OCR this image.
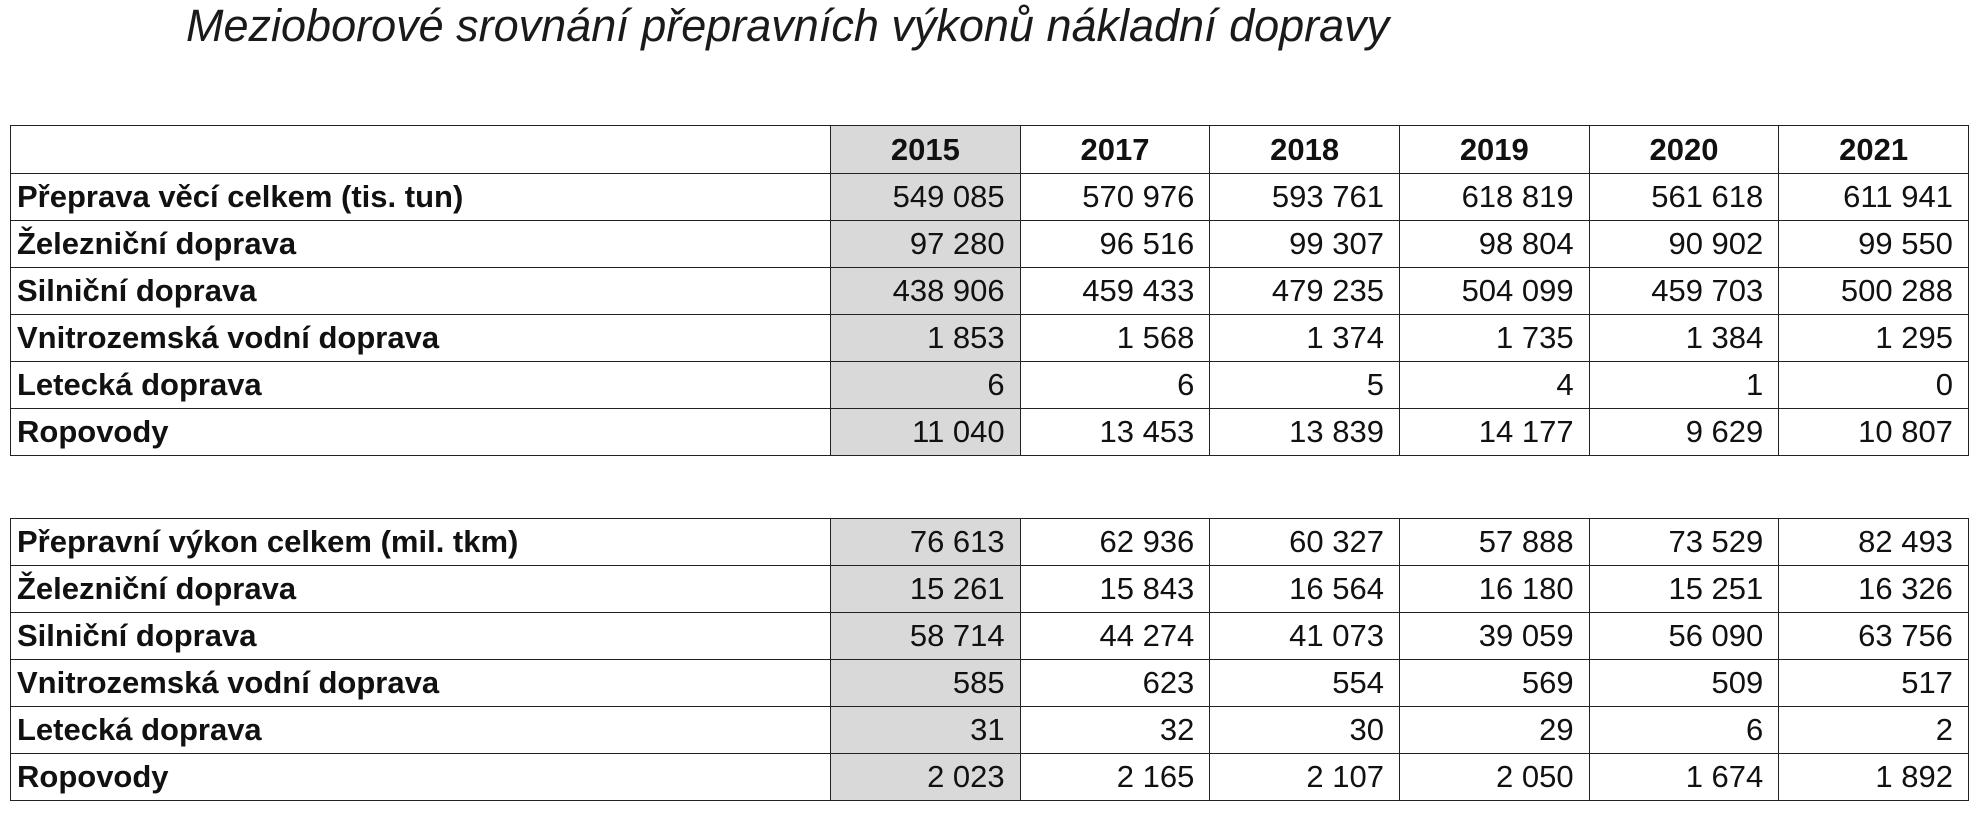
Mezioborové srovnání přepravních výkonů nákladní dopravy
	2015	2017	2018	2019	2020	2021
Přeprava věcí celkem (tis. tun)	549 085	570 976	593 761	618 819	561 618	611 941
Železniční doprava	97 280	96 516	99 307	98 804	90 902	99 550
Silniční doprava	438 906	459 433	479 235	504 099	459 703	500 288
Vnitrozemská vodní doprava	1 853	1 568	1 374	1 735	1 384	1 295
Letecká doprava	6	6	5	4	1	0
Ropovody	11 040	13 453	13 839	14 177	9 629	10 807
Přepravní výkon celkem (mil. tkm)	76 613	62 936	60 327	57 888	73 529	82 493
Železniční doprava	15 261	15 843	16 564	16 180	15 251	16 326
Silniční doprava	58 714	44 274	41 073	39 059	56 090	63 756
Vnitrozemská vodní doprava	585	623	554	569	509	517
Letecká doprava	31	32	30	29	6	2
Ropovody	2 023	2 165	2 107	2 050	1 674	1 892
